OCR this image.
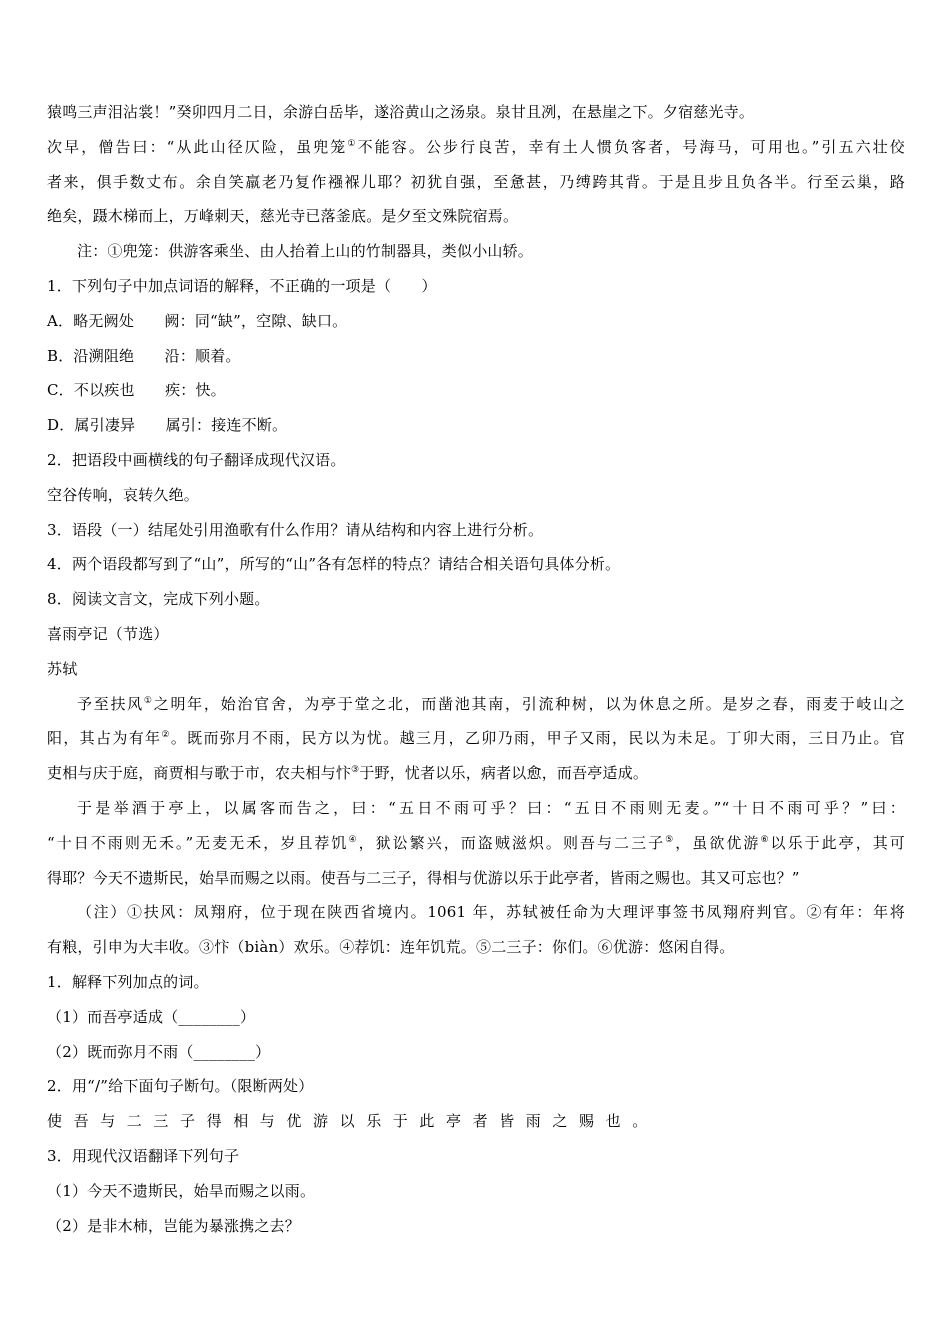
猿鸣三声泪沾裳！”癸卯四月二日，余游白岳毕，遂浴黄山之汤泉。泉甘且冽，在悬崖之下。夕宿慈光寺。
次早，僧告曰：“从此山径仄险，虽兜笼①不能容。公步行良苦，幸有土人惯负客者，号海马，可用也。”引五六壮佼
者来，俱手数丈布。余自笑羸老乃复作襁褓儿耶？初犹自强，至惫甚，乃缚跨其背。于是且步且负各半。行至云巢，路
绝矣，蹑木梯而上，万峰刺天，慈光寺已落釜底。是夕至文殊院宿焉。
注：①兜笼：供游客乘坐、由人抬着上山的竹制器具，类似小山轿。
1．下列句子中加点词语的解释，不正确的一项是（　　）
A．略无阙处　　阙：同“缺”，空隙、缺口。
B．沿溯阻绝　　沿：顺着。
C．不以疾也　　疾：快。
D．属引凄异　　属引：接连不断。
2．把语段中画横线的句子翻译成现代汉语。
空谷传响，哀转久绝。
3．语段（一）结尾处引用渔歌有什么作用？请从结构和内容上进行分析。
4．两个语段都写到了“山”，所写的“山”各有怎样的特点？请结合相关语句具体分析。
8．阅读文言文，完成下列小题。
喜雨亭记（节选）
苏轼
予至扶风①之明年，始治官舍，为亭于堂之北，而凿池其南，引流种树，以为休息之所。是岁之春，雨麦于岐山之
阳，其占为有年②。既而弥月不雨，民方以为忧。越三月，乙卯乃雨，甲子又雨，民以为未足。丁卯大雨，三日乃止。官
吏相与庆于庭，商贾相与歌于市，农夫相与忭③于野，忧者以乐，病者以愈，而吾亭适成。
于是举酒于亭上，以属客而告之，曰：“五日不雨可乎？曰：“五日不雨则无麦。”“十日不雨可乎？”曰：
“十日不雨则无禾。”无麦无禾，岁且荐饥④，狱讼繁兴，而盗贼滋炽。则吾与二三子⑤，虽欲优游⑥以乐于此亭，其可
得耶？今天不遗斯民，始旱而赐之以雨。使吾与二三子，得相与优游以乐于此亭者，皆雨之赐也。其又可忘也？”
（注）①扶风：凤翔府，位于现在陕西省境内。1061 年，苏轼被任命为大理评事签书凤翔府判官。②有年：年将
有粮，引申为大丰收。③忭（biàn）欢乐。④荐饥：连年饥荒。⑤二三子：你们。⑥优游：悠闲自得。
1．解释下列加点的词。
（1）而吾亭适成（________）
（2）既而弥月不雨（________）
2．用“/”给下面句子断句。（限断两处）
使吾与二三子得相与优游以乐于此亭者皆雨之赐也。
3．用现代汉语翻译下列句子
（1）今天不遗斯民，始旱而赐之以雨。
（2）是非木柿，岂能为暴涨携之去？
